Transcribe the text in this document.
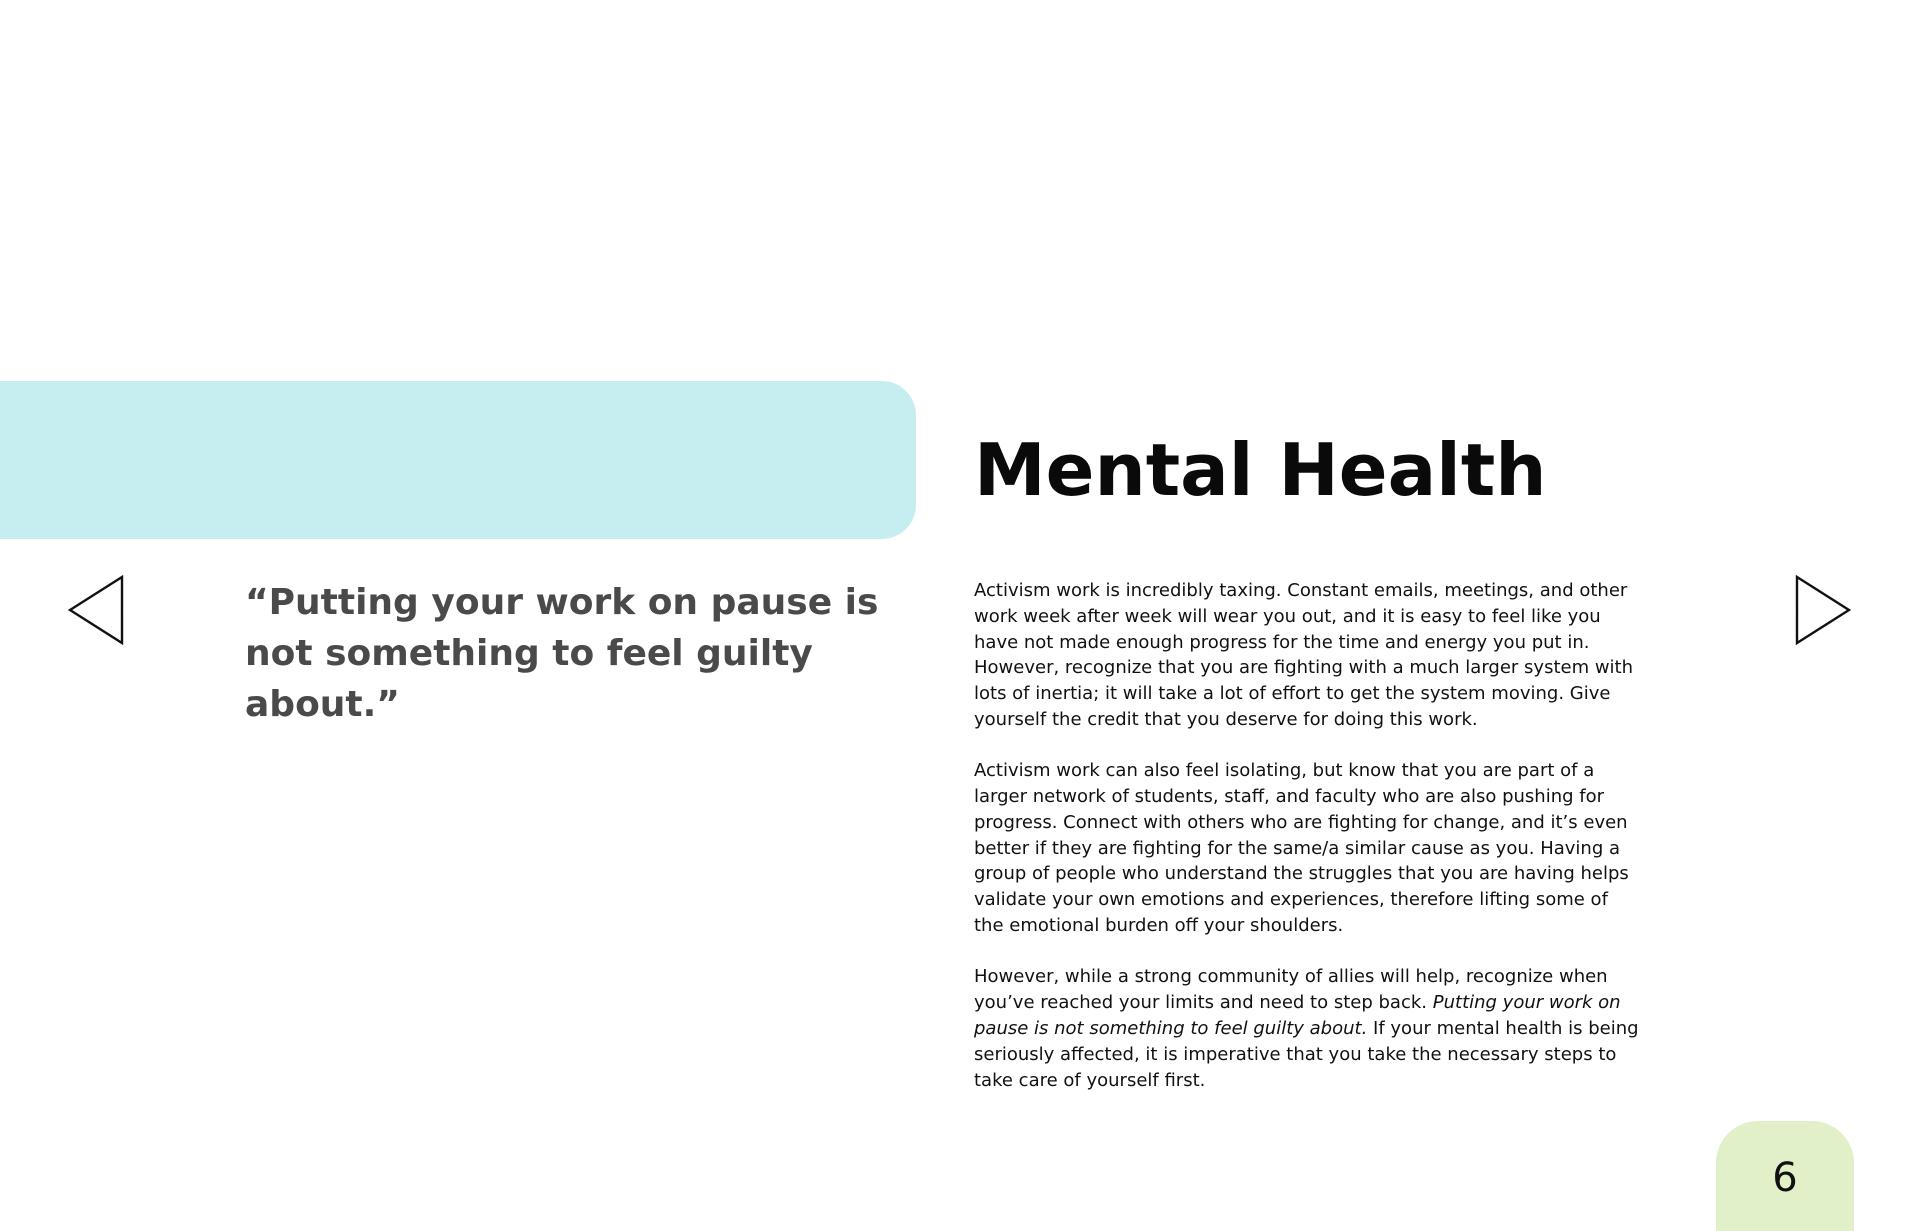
Mental Health

“Putting your work on pause is not something to feel guilty about.”

Activism work is incredibly taxing. Constant emails, meetings, and other work week after week will wear you out, and it is easy to feel like you have not made enough progress for the time and energy you put in. However, recognize that you are fighting with a much larger system with lots of inertia; it will take a lot of effort to get the system moving. Give yourself the credit that you deserve for doing this work.

Activism work can also feel isolating, but know that you are part of a larger network of students, staff, and faculty who are also pushing for progress. Connect with others who are fighting for change, and it’s even better if they are fighting for the same/a similar cause as you. Having a group of people who understand the struggles that you are having helps validate your own emotions and experiences, therefore lifting some of the emotional burden off your shoulders.

However, while a strong community of allies will help, recognize when you’ve reached your limits and need to step back. Putting your work on pause is not something to feel guilty about. If your mental health is being seriously affected, it is imperative that you take the necessary steps to take care of yourself first.

6
